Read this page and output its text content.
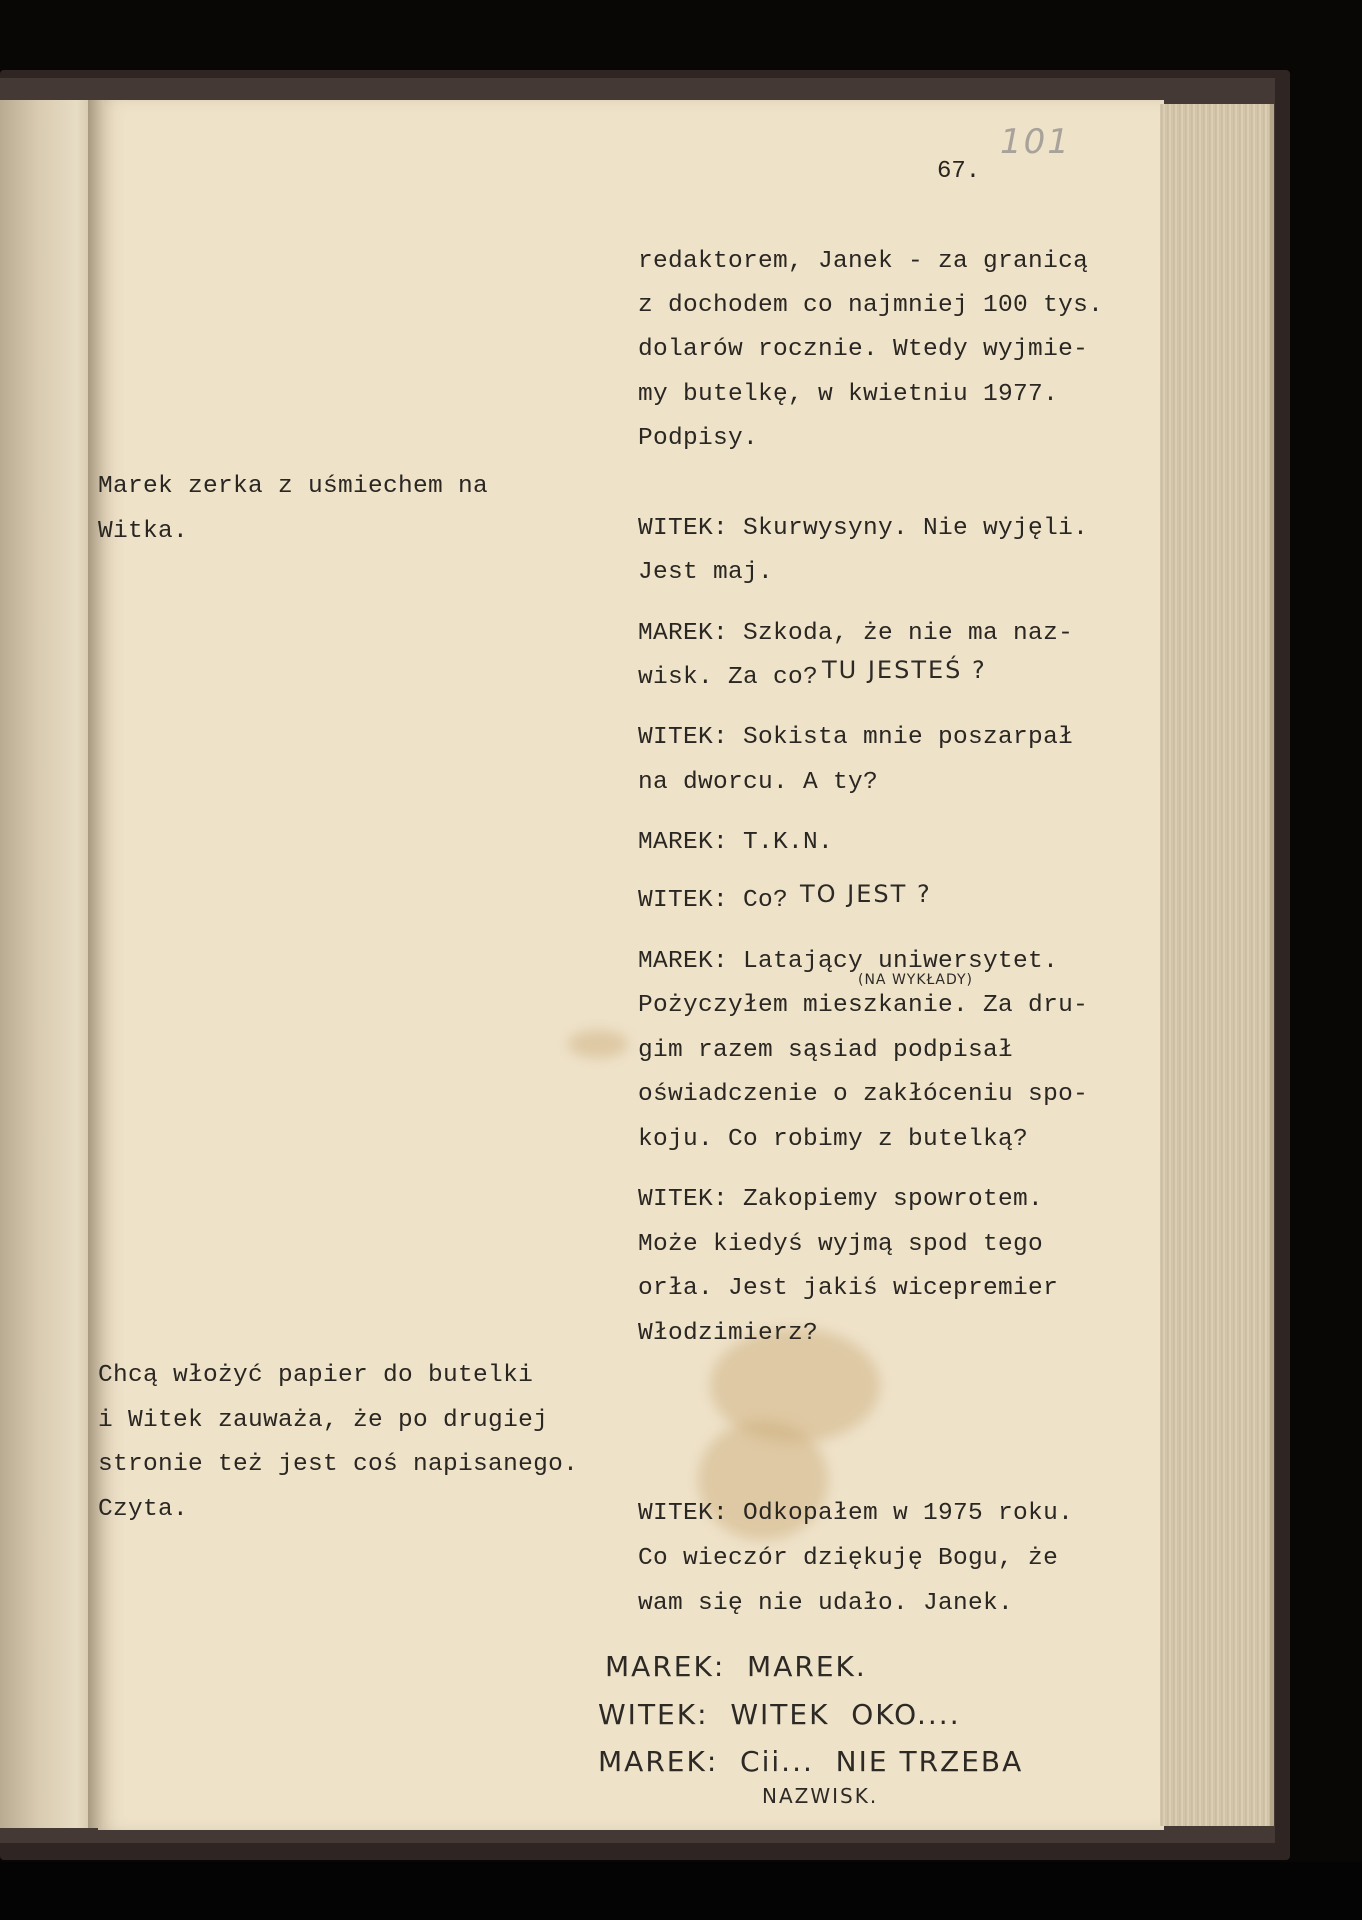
101
67.
redaktorem, Janek - za granicą
z dochodem co najmniej 100 tys.
dolarów rocznie. Wtedy wyjmie-
my butelkę, w kwietniu 1977.
Podpisy.
WITEK: Skurwysyny. Nie wyjęli.
Jest maj.
MAREK: Szkoda, że nie ma naz-
wisk. Za co?
WITEK: Sokista mnie poszarpał
na dworcu. A ty?
MAREK: T.K.N.
WITEK: Co?
MAREK: Latający uniwersytet.
Pożyczyłem mieszkanie. Za dru-
gim razem sąsiad podpisał
oświadczenie o zakłóceniu spo-
koju. Co robimy z butelką?
WITEK: Zakopiemy spowrotem.
Może kiedyś wyjmą spod tego
orła. Jest jakiś wicepremier
Włodzimierz?
WITEK: Odkopałem w 1975 roku.
Co wieczór dziękuję Bogu, że
wam się nie udało. Janek.
Marek zerka z uśmiechem na
Witka.
Chcą włożyć papier do butelki
i Witek zauważa, że po drugiej
stronie też jest coś napisanego.
Czyta.
TU JESTEŚ ?
TO JEST ?
(NA WYKŁADY)
MAREK:  MAREK.
WITEK:  WITEK  OKO....
MAREK:  Cii...  NIE TRZEBA
NAZWISK.
